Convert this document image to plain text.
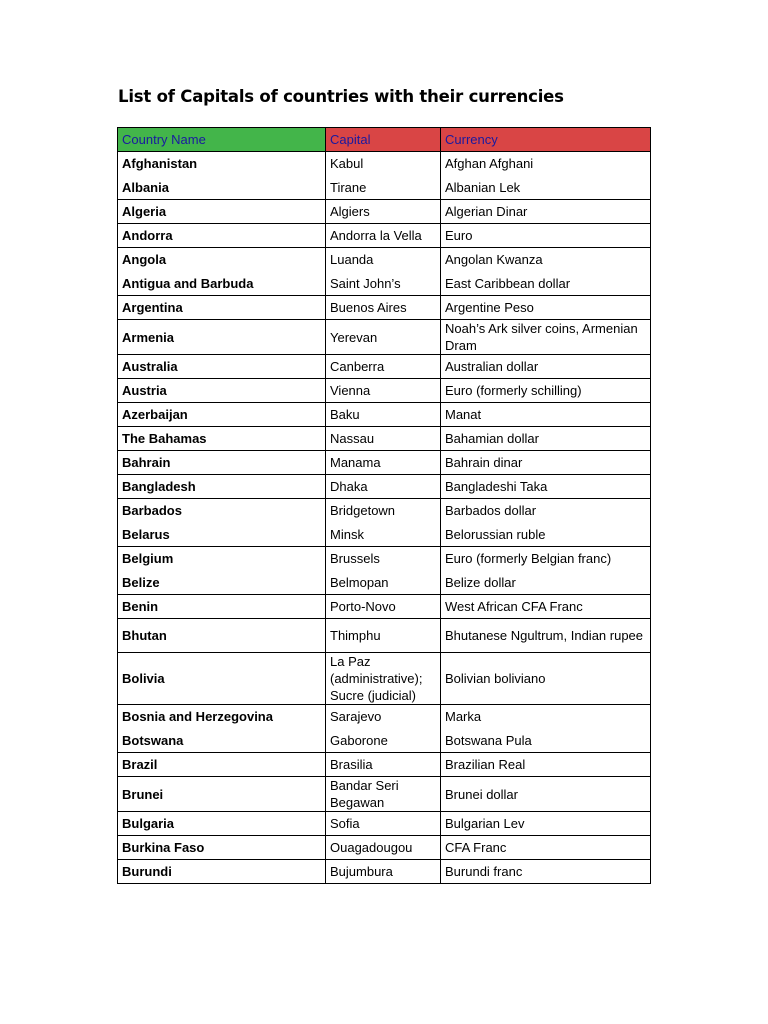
List of Capitals of countries with their currencies
Country Name	Capital	Currency
Afghanistan	Kabul	Afghan Afghani
Albania	Tirane	Albanian Lek
Algeria	Algiers	Algerian Dinar
Andorra	Andorra la Vella	Euro
Angola	Luanda	Angolan Kwanza
Antigua and Barbuda	Saint John’s	East Caribbean dollar
Argentina	Buenos Aires	Argentine Peso
Armenia	Yerevan	Noah’s Ark silver coins, Armenian Dram
Australia	Canberra	Australian dollar
Austria	Vienna	Euro (formerly schilling)
Azerbaijan	Baku	Manat
The Bahamas	Nassau	Bahamian dollar
Bahrain	Manama	Bahrain dinar
Bangladesh	Dhaka	Bangladeshi Taka
Barbados	Bridgetown	Barbados dollar
Belarus	Minsk	Belorussian ruble
Belgium	Brussels	Euro (formerly Belgian franc)
Belize	Belmopan	Belize dollar
Benin	Porto-Novo	West African CFA Franc
Bhutan	Thimphu	Bhutanese Ngultrum, Indian rupee
Bolivia	La Paz (administrative); Sucre (judicial)	Bolivian boliviano
Bosnia and Herzegovina	Sarajevo	Marka
Botswana	Gaborone	Botswana Pula
Brazil	Brasilia	Brazilian Real
Brunei	Bandar Seri Begawan	Brunei dollar
Bulgaria	Sofia	Bulgarian Lev
Burkina Faso	Ouagadougou	CFA Franc
Burundi	Bujumbura	Burundi franc
